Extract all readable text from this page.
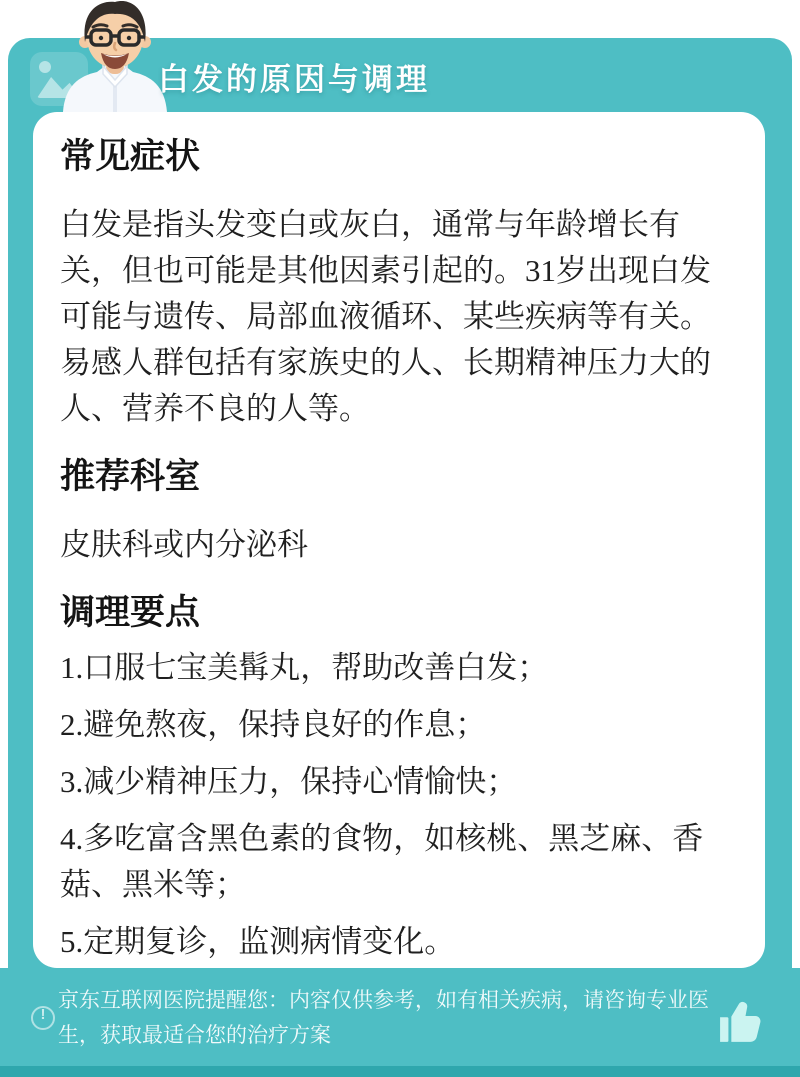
白发的原因与调理
常见症状

白发是指头发变白或灰白，通常与年龄增长有关，但也可能是其他因素引起的。31岁出现白发可能与遗传、局部血液循环、某些疾病等有关。易感人群包括有家族史的人、长期精神压力大的人、营养不良的人等。

推荐科室

皮肤科或内分泌科

调理要点

1.口服七宝美髯丸，帮助改善白发；

2.避免熬夜，保持良好的作息；

3.减少精神压力，保持心情愉快；

4.多吃富含黑色素的食物，如核桃、黑芝麻、香菇、黑米等；

5.定期复诊，监测病情变化。

!
京东互联网医院提醒您：内容仅供参考，如有相关疾病，请咨询专业医生，获取最适合您的治疗方案
